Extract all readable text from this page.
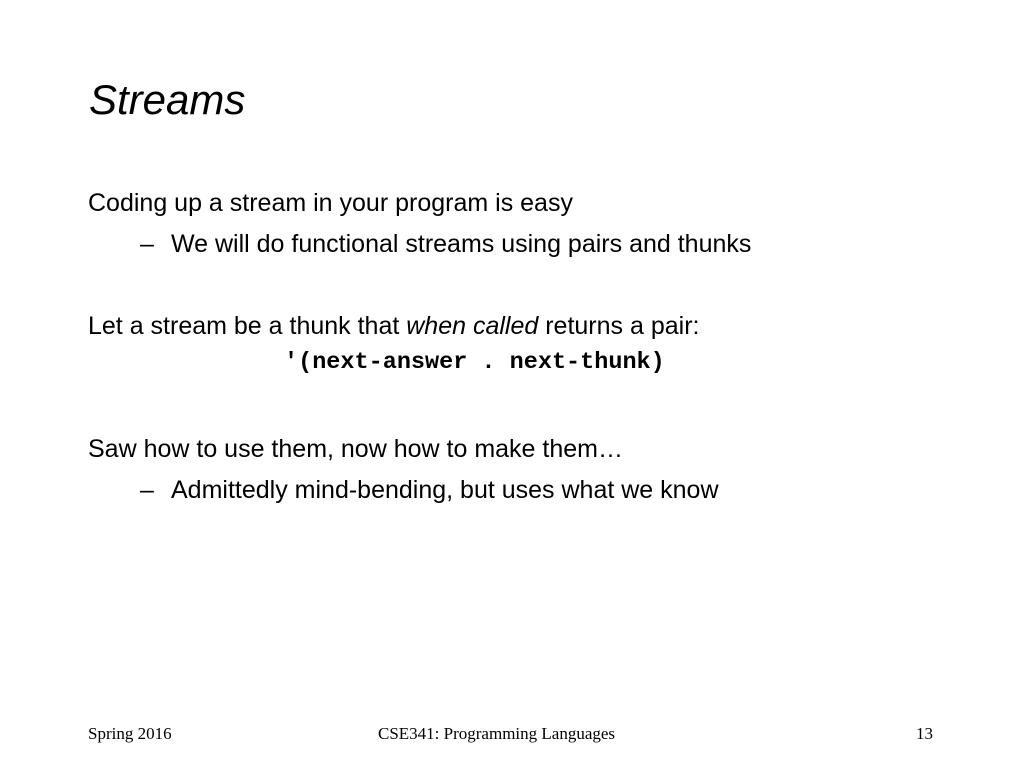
Streams

Coding up a stream in your program is easy

– We will do functional streams using pairs and thunks

Let a stream be a thunk that when called returns a pair:

'(next-answer . next-thunk)

Saw how to use them, now how to make them…

– Admittedly mind-bending, but uses what we know

Spring 2016	CSE341: Programming Languages	13
